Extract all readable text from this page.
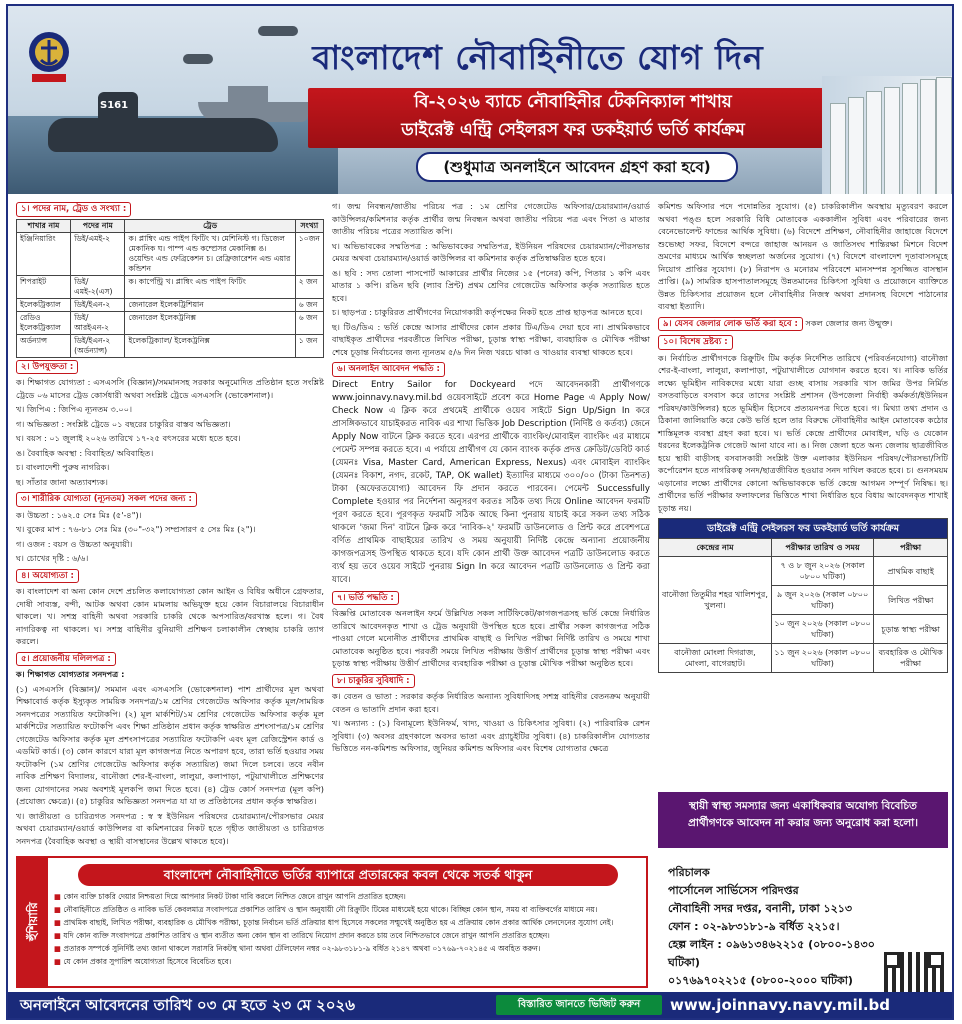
S161
বাংলাদেশ নৌবাহিনীতে যোগ দিন
বি-২০২৬ ব্যাচে নৌবাহিনীর টেকনিক্যাল শাখায়
ডাইরেক্ট এন্ট্রি সেইলরস ফর ডকইয়ার্ড ভর্তি কার্যক্রম
(শুধুমাত্র অনলাইনে আবেদন গ্রহণ করা হবে)
১। পদের নাম, ট্রেড ও সংখ্যা :
শাখার নাম	পদের নাম	ট্রেড	সংখ্যা
ইঞ্জিনিয়ারিং	ডিই/এমই-২	ক। প্লাম্বিং এন্ড পাইপ ফিটিং খ। মেশিনিস্ট গ। ডিজেল মেকানিক ঘ। পাম্প এন্ড কম্প্রেসর মেকানিক্স ঙ। ওয়েল্ডিং এন্ড ফেব্রিকেশন চ। রেফ্রিজারেশন এন্ড এয়ার কন্ডিশন	১০জন
শিপরাইট	ডিই/এমই-২(এস)	ক। কার্পেন্ট্রি খ। প্লাম্বিং এন্ড পাইপ ফিটিং	২ জন
ইলেকট্রিক্যাল	ডিই/ইএন-২	জেনারেল ইলেকট্রিশিয়ান	৬ জন
রেডিও ইলেকট্রিক্যাল	ডিই/আরইএন-২	জেনারেল ইলেকট্রনিক্স	৬ জন
অর্ডন্যান্স	ডিই/ইএন-২ (অর্ডন্যান্স)	ইলেকট্রিক্যাল/ ইলেকট্রনিক্স	১ জন
২। উপযুক্ততা :

ক। শিক্ষাগত যোগ্যতা : এসএসসি (বিজ্ঞান)/সমমানসহ সরকার অনুমোদিত প্রতিষ্ঠান হতে সংশ্লিষ্ট ট্রেডে ০৬ মাসের ট্রেড কোর্সধারী অথবা সংশ্লিষ্ট ট্রেডে এসএসসি (ভোকেশনাল)।

খ। জিপিএ : জিপিএ ন্যূনতম ৩.০০।

গ। অভিজ্ঞতা : সংশ্লিষ্ট ট্রেডে ০১ বছরের চাকুরির বাস্তব অভিজ্ঞতা।

ঘ। বয়স : ০১ জুলাই ২০২৬ তারিখে ১৭-২৫ বৎসরের মধ্যে হতে হবে।

ঙ। বৈবাহিক অবস্থা : বিবাহিত/ অবিবাহিত।

চ। বাংলাদেশী পুরুষ নাগরিক।

ছ। সাঁতার জানা অত্যাবশ্যক।

৩। শারীরিক যোগ্যতা (ন্যূনতম) সকল পদের জন্য :

ক। উচ্চতা : ১৬২.৫ সেঃ মিঃ (৫'-৪")।

খ। বুকের মাপ : ৭৬-৮১ সেঃ মিঃ (৩০"-৩২") সম্প্রসারণ ৫ সেঃ মিঃ (২")।

গ। ওজন : বয়স ও উচ্চতা অনুযায়ী।

ঘ। চোখের দৃষ্টি : ৬/৬।

৪। অযোগ্যতা :

ক। বাংলাদেশ বা অন্য কোন দেশে প্রচলিত কলাযোগ্যতা কোন আইন ও বিধির অধীনে গ্রেফতার, দোষী সাব্যস্ত, বন্দী, আটক অথবা কোন মামলায় অভিযুক্ত হয়ে কোন বিচারালয়ে বিচারাধীন থাকলে। খ। সশস্ত্র বাহিনী অথবা সরকারি চাকরি থেকে অপসারিত/বরখাস্ত হলে। গ। বৈধ নাগরিকত্ব না থাকলে। ঘ। সশস্ত্র বাহিনীর বুনিয়াদী প্রশিক্ষণ চলাকালীন স্বেচ্ছায় চাকরি ত্যাগ করলে।

৫। প্রয়োজনীয় দলিলপত্র :

ক। শিক্ষাগত যোগ্যতার সনদপত্র :

(১) এসএসসি (বিজ্ঞান)/ সমমান এবং এসএসসি (ভোকেশনাল) পাশ প্রার্থীদের মূল অথবা শিক্ষাবোর্ড কর্তৃক ইস্যুকৃত সাময়িক সনদপত্র/১ম শ্রেণির গেজেটেড অফিসার কর্তৃক মূল/সাময়িক সনদপত্রের সত্যায়িত ফটোকপি। (২) মূল মার্কশিট/১ম শ্রেণির গেজেটেড অফিসার কর্তৃক মূল মার্কশিটের সত্যায়িত ফটোকপি এবং শিক্ষা প্রতিষ্ঠান প্রধান কর্তৃক স্বাক্ষরিত প্রশংসাপত্র/১ম শ্রেণির গেজেটেড অফিসার কর্তৃক মূল প্রশংসাপত্রের সত্যায়িত ফটোকপি এবং মূল রেজিস্ট্রেশন কার্ড ও এডমিট কার্ড। (৩) কোন কারণে যারা মূল কাগজপত্র নিতে অপারগ হবে, তারা ভর্তি হওয়ার সময় ফটোকপি (১ম শ্রেণির গেজেটেড অফিসার কর্তৃক সত্যায়িত) জমা দিলে চলবে। তবে নবীন নাবিক প্রশিক্ষণ বিদ্যালয়, বানৌজা শের-ই-বাংলা, লালুয়া, কলাপাড়া, পটুয়াখালীতে প্রশিক্ষণের জন্য যোগদানের সময় অবশ্যই মূলকপি জমা দিতে হবে। (৪) ট্রেড কোর্স সনদপত্র (মূল কপি) (প্রযোজ্য ক্ষেত্রে)। (৫) চাকুরির অভিজ্ঞতা সনদপত্র যা যা ত প্রতিষ্ঠানের প্রধান কর্তৃক স্বাক্ষরিত।

খ। জাতীয়তা ও চারিত্রগত সনদপত্র : স্ব স্ব ইউনিয়ন পরিষদের চেয়ারম্যান/পৌরসভার মেয়র অথবা চেয়ারম্যান/ওয়ার্ড কাউন্সিলর বা কমিশনারের নিকট হতে গৃহীত জাতীয়তা ও চারিত্রগত সনদপত্র (বৈবাহিক অবস্থা ও স্থায়ী বাসস্থানের উল্লেখ থাকতে হবে)।

গ। জন্ম নিবন্ধন/জাতীয় পরিচয় পত্র : ১ম শ্রেণির গেজেটেড অফিসার/চেয়ারম্যান/ওয়ার্ড কাউন্সিলর/কমিশনার কর্তৃক প্রার্থীর জন্ম নিবন্ধন অথবা জাতীয় পরিচয় পত্র এবং পিতা ও মাতার জাতীয় পরিচয় পত্রের সত্যায়িত কপি।

ঘ। অভিভাবকের সম্মতিপত্র : অভিভাবকের সম্মতিপত্র, ইউনিয়ন পরিষদের চেয়ারম্যান/পৌরসভার মেয়র অথবা চেয়ারম্যান/ওয়ার্ড কাউন্সিলর বা কমিশনার কর্তৃক প্রতিস্বাক্ষরিত হতে হবে।

ঙ। ছবি : সদ্য তোলা পাসপোর্ট আকারের প্রার্থীর নিজের ১৫ (পনের) কপি, পিতার ১ কপি এবং মাতার ১ কপি। রঙিন ছবি (ল্যাব প্রিন্ট) প্রথম শ্রেণির গেজেটেড অফিসার কর্তৃক সত্যায়িত হতে হবে।

চ। ছাড়পত্র : চাকুরিরত প্রার্থীগণের নিয়োগকারী কর্তৃপক্ষের নিকট হতে প্রাপ্ত ছাড়পত্র আনতে হবে।

ছ। টিও/ডিএ : ভর্তি কেন্দ্রে আসার প্রার্থীদের কোন প্রকার টিএ/ডিএ দেয়া হবে না। প্রাথমিকভাবে বাছাইকৃত প্রার্থীদের পরবর্তীতে লিখিত পরীক্ষা, চূড়ান্ত স্বাস্থ্য পরীক্ষা, ব্যবহারিক ও মৌখিক পরীক্ষা শেষে চূড়ান্ত নির্বাচনের জন্য ন্যূনতম ৫/৬ দিন নিজ খরচে থাকা ও খাওয়ার ব্যবস্থা থাকতে হবে।

৬। অনলাইন আবেদন পদ্ধতি :

Direct Entry Sailor for Dockyeard পদে আবেদনকারী প্রার্থীগণকে www.joinnavy.navy.mil.bd ওয়েবসাইটে প্রবেশ করে Home Page এ Apply Now/ Check Now এ ক্লিক করে প্রথমেই প্রার্থীকে ওয়েব সাইটে Sign Up/Sign In করে প্রাসঙ্গিকভাবে যাচাইকরত নাবিক এর শাখা ভিত্তিক Job Description (নির্দিষ্ট ও কর্তব্য) জেনে Apply Now বাটনে ক্লিক করতে হবে। এরপর প্রার্থীকে ব্যাংকিং/মোবাইল ব্যাংকিং এর মাধ্যমে পেমেন্ট সম্পন্ন করতে হবে। এ পর্যায়ে প্রার্থীগণ যে কোন ব্যাংক কর্তৃক প্রদত্ত ক্রেডিট/ডেবিট কার্ড (যেমনঃ Visa, Master Card, American Express, Nexus) এবং মোবাইল ব্যাংকিং (যেমনঃ বিকাশ, নগদ, রকেট, TAP, OK wallet) ইত্যাদির মাধ্যমে ৩০০/০০ (টাকা তিনশত) টাকা (অফেরতযোগ্য) আবেদন ফি প্রদান করতে পারবেন। পেমেন্ট Successfully Complete হওয়ার পর নির্দেশনা অনুসরণ করতঃ সঠিক তথ্য দিয়ে Online আবেদন ফরমটি পূরণ করতে হবে। পূরণকৃত ফরমটি সঠিক আছে কিনা পুনরায় যাচাই করে সকল তথ্য সঠিক থাকলে 'জমা দিন' বাটনে ক্লিক করে 'নাবিক-২' ফরমটি ডাউনলোড ও প্রিন্ট করে প্রবেশপত্রে বর্ণিত প্রাথমিক বাছাইয়ের তারিখ ও সময় অনুযায়ী নির্দিষ্ট কেন্দ্রে অন্যান্য প্রয়োজনীয় কাগজপত্রসহ উপস্থিত থাকতে হবে। যদি কোন প্রার্থী উক্ত আবেদন পত্রটি ডাউনলোড করতে ব্যর্থ হয় তবে ওয়েব সাইটে পুনরায় Sign In করে আবেদন পত্রটি ডাউনলোড ও প্রিন্ট করা যাবে।

৭। ভর্তি পদ্ধতি :

বিজ্ঞপ্তি মোতাবেক অনলাইন ফর্মে উল্লিখিত সকল সার্টিফিকেট/কাগজপত্রসহ ভর্তি কেন্দ্রে নির্ধারিত তারিখে আবেদনকৃত শাখা ও ট্রেড অনুযায়ী উপস্থিত হতে হবে। প্রার্থীর সকল কাগজপত্র সঠিক পাওয়া গেলে মনোনীত প্রার্থীদের প্রাথমিক বাছাই ও লিখিত পরীক্ষা নির্দিষ্ট তারিখ ও সময়ে শাখা মোতাবেক অনুষ্ঠিত হবে। পরবর্তী সময়ে লিখিত পরীক্ষায় উত্তীর্ণ প্রার্থীদের চূড়ান্ত স্বাস্থ্য পরীক্ষা এবং চূড়ান্ত স্বাস্থ্য পরীক্ষায় উত্তীর্ণ প্রার্থীদের ব্যবহারিক পরীক্ষা ও চূড়ান্ত মৌখিক পরীক্ষা অনুষ্ঠিত হবে।

৮। চাকুরির সুবিধাদি :

ক। বেতন ও ভাতা : সরকার কর্তৃক নির্ধারিত অন্যান্য সুবিধাদিসহ সশস্ত্র বাহিনীর বেতনক্রম অনুযায়ী বেতন ও ভাতাদি প্রদান করা হবে।

খ। অন্যান্য : (১) বিনামূল্যে ইউনিফর্ম, খাদ্য, খাওয়া ও চিকিৎসার সুবিধা। (২) পারিবারিক রেশন সুবিধা। (৩) অবসর গ্রহণকালে অবসর ভাতা এবং গ্র্যাচুইটির সুবিধা। (৪) চাকরিকালীন যোগ্যতার ভিত্তিতে নন-কমিশন্ড অফিসার, জুনিয়র কমিশন্ড অফিসার এবং বিশেষ যোগ্যতার ক্ষেত্রে

কমিশন্ড অফিসার পদে পদোন্নতির সুযোগ। (৫) চাকরিকালীন অবস্থায় মৃত্যুবরণ করলে অথবা পঙ্গু হলে সরকারি বিধি মোতাবেক এককালীন সুবিধা এবং পরিবারের জন্য বেনেভোলেন্ট ফান্ডের আর্থিক সুবিধা। (৬) বিদেশে প্রশিক্ষণ, নৌবাহিনীর জাহাজে বিদেশে শুভেচ্ছা সফর, বিদেশে বন্দরে জাহাজ আনয়ন ও জাতিসংঘ শান্তিরক্ষা মিশনে বিদেশ ভ্রমণের মাধ্যমে আর্থিক স্বচ্ছলতা অর্জনের সুযোগ। (৭) বিদেশে বাংলাদেশ দূতাবাসসমূহে নিয়োগ প্রাপ্তির সুযোগ। (৮) নিরাপদ ও মনোরম পরিবেশে মানসম্পন্ন সুসজ্জিত বাসস্থান প্রাপ্তি। (৯) সামরিক হাসপাতালসমূহে উন্নতমানের চিকিৎসা সুবিধা ও প্রয়োজনে ব্যাক্তিতে উন্নত চিকিৎসার প্রয়োজন হলে নৌবাহিনীর নিজস্ব অথবা প্রদানসহ বিদেশে পাঠানোর ব্যবস্থা ইত্যাদি।

৯। যেসব জেলার লোক ভর্তি করা হবে : সকল জেলার জন্য উন্মুক্ত।
১০। বিশেষ দ্রষ্টব্য :

ক। নির্বাচিত প্রার্থীগণকে রিক্রুটিং টিম কর্তৃক নির্দেশিত তারিখে (পরিবর্তনযোগ্য) বানৌজা শের-ই-বাংলা, লালুয়া, কলাপাড়া, পটুয়াখালীতে যোগদান করতে হবে। খ। নাবিক ভর্তির লক্ষ্যে ভূমিহীন নাবিকদের মধ্যে যারা গুচ্ছ বাসায় সরকারি খাস জমির উপর নির্মিত বসতবাড়িতে বসবাস করে তাদের সংশ্লিষ্ট প্রশাসন (উপজেলা নির্বাহী কর্মকর্তা/ইউনিয়ন পরিষদ/কাউন্সিলর) হতে ভূমিহীন হিসেবে প্রত্যয়নপত্র দিতে হবে। গ। মিথ্যা তথ্য প্রদান ও ঠিকানা জালিয়াতি করে কেউ ভর্তি হলে তার বিরুদ্ধে নৌবাহিনীর আইন মোতাবেক কঠোর শাস্তিমূলক ব্যবস্থা গ্রহণ করা হবে। ঘ। ভর্তি কেন্দ্রে প্রার্থীদের মোবাইল, ঘড়ি ও যেকোন ধরনের ইলেকট্রনিক গেজেট আনা যাবে না। ঙ। নিজ জেলা হতে অন্য জেলায় ছাত্রজীবিত হয়ে স্থায়ী বাড়ীসহ বসবাসকারী সংশ্লিষ্ট উক্ত এলাকার ইউনিয়ন পরিষদ/পৌরসভা/সিটি কর্পোরেশন হতে নাগরিকত্ব সনদ/ছাত্রজীবিত হওয়ার সনদ দাখিল করতে হবে। চ। গুনসময়ম এড়ানোর লক্ষ্যে প্রার্থীদের কোনো অভিভাবককে ভর্তি কেন্দ্রে আগমন সম্পূর্ণ নিষিদ্ধ। ছ। প্রার্থীদের ভর্তি পরীক্ষার ফলাফলের ভিত্তিতে শাখা নির্ধারিত হবে বিধায় আবেদনকৃত শাখাই চূড়ান্ত নয়।

ডাইরেক্ট এন্ট্রি সেইলরস ফর ডকইয়ার্ড ভর্তি কার্যক্রম		
কেন্দ্রের নাম	পরীক্ষার তারিখ ও সময়	পরীক্ষা
বানৌজা তিতুমীর শহর খালিশপুর, খুলনা।	৭ ও ৮ জুন ২০২৬ (সকাল ০৮০০ ঘটিকা)	প্রাথমিক বাছাই
	৯ জুন ২০২৬ (সকাল ০৮০০ ঘটিকা)	লিখিত পরীক্ষা
	১০ জুন ২০২৬ (সকাল ০৮০০ ঘটিকা)	চূড়ান্ত স্বাস্থ্য পরীক্ষা
বানৌজা মোংলা দিগরাজ, মোংলা, বাগেরহাট।	১১ জুন ২০২৬ (সকাল ০৮০০ ঘটিকা)	ব্যবহারিক ও মৌখিক পরীক্ষা
স্থায়ী স্বাস্থ্য সমস্যার জন্য একাধিকবার অযোগ্য বিবেচিত
প্রার্থীগণকে আবেদন না করার জন্য অনুরোধ করা হলো।
হুঁশিয়ারি
বাংলাদেশ নৌবাহিনীতে ভর্তির ব্যাপারে প্রতারকের কবল থেকে সতর্ক থাকুন
■ কোন ব্যক্তি চাকরি দেয়ার নিশ্চয়তা দিয়ে আপনার নিকট টাকা দাবি করলে নিশ্চিত জেনে রাখুন আপনি প্রতারিত হচ্ছেন।
■ নৌবাহিনীতে প্রতিষ্ঠিত ও নাবিক ভর্তি কেবলমাত্র সংবাদপত্রে প্রকাশিত তারিখ ও স্থান অনুযায়ী নৌ রিক্রুটিং টিমের মাধ্যমেই হয়ে থাকে। বিচ্ছিন্ন কোন স্থান, সময় বা ব্যক্তিবর্গের মাধ্যমে নয়।
■ প্রাথমিক বাছাই, লিখিত পরীক্ষা, ব্যবহারিক ও মৌখিক পরীক্ষা, চূড়ান্ত নির্বাচন ভর্তি প্রক্রিয়ার ধাপ হিসেবে সকলের সম্মুখেই অনুষ্ঠিত হয় এ প্রক্রিয়ায় কোন প্রকার আর্থিক লেনদেনের সুযোগ নেই।
■ যদি কোন ব্যক্তি সংবাদপত্রে প্রকাশিত তারিখ ও স্থান ব্যতীত অন্য কোন স্থান বা তারিখে নিয়োগ প্রদান করতে চায় তবে নিশ্চিতভাবে জেনে রাখুন আপনি প্রতারিত হচ্ছেন।
■ প্রতারক সম্পর্কে সুনির্দিষ্ট তথ্য জানা থাকলে সরাসরি নিকটস্থ থানা অথবা টেলিফোন নম্বর ০২-৯৮৩১৮১-৯ বর্ধিত ২১৪৭ অথবা ০১৭৬৯-৭০২১৪৫ এ অবহিত করুন।
■ যে কোন প্রকার সুপারিশ অযোগ্যতা হিসেবে বিবেচিত হবে।
পরিচালক
পার্সোনেল সার্ভিসেস পরিদপ্তর
নৌবাহিনী সদর দপ্তর, বনানী, ঢাকা ১২১৩
ফোন : ০২-৯৮৩১৮১-৯ বর্ধিত ২২১৫।
হেল্প লাইন : ০৯৬১৩৪৬২২১৫ (০৮০০-১৪৩০ ঘটিকা)
০১৭৬৯৭০২২১৫ (০৮০০-২০০০ ঘটিকা)
অনলাইনে আবেদনের তারিখ ০৩ মে হতে ২৩ মে ২০২৬	বিস্তারিত জানতে ভিজিট করুন	www.joinnavy.navy.mil.bd
